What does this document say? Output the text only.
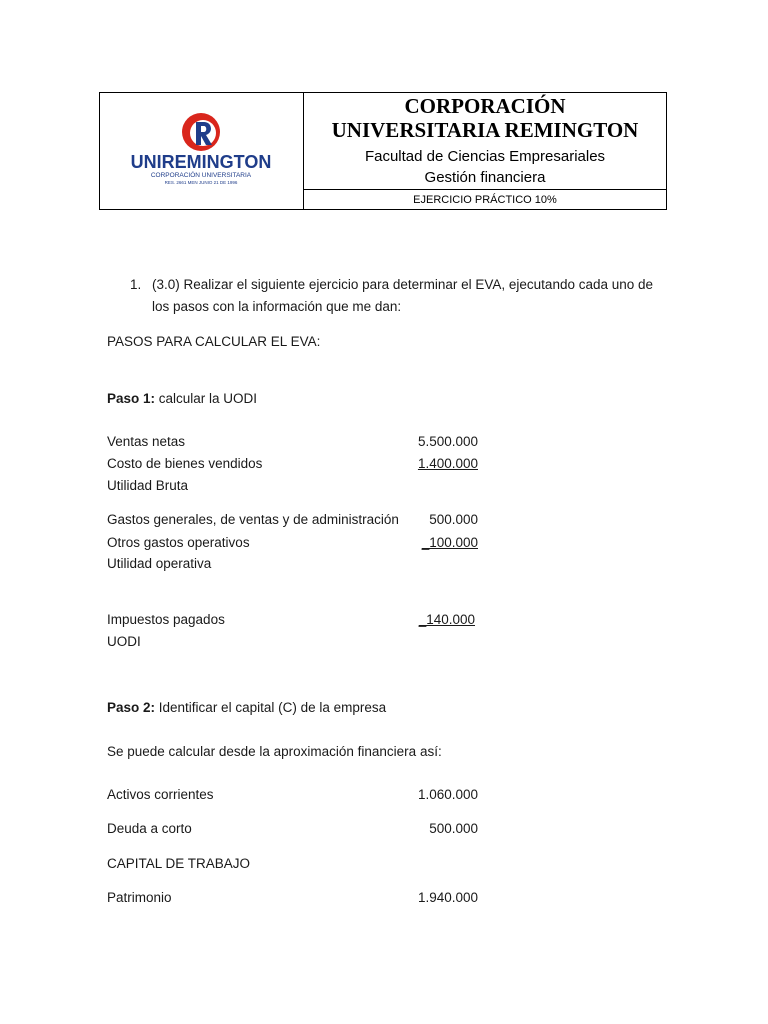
UNIREMINGTON
CORPORACIÓN UNIVERSITARIA
RES. 2661 MEN JUNIO 21 DE 1996
CORPORACIÓN
UNIVERSITARIA REMINGTON
Facultad de Ciencias Empresariales
Gestión financiera
EJERCICIO PRÁCTICO 10%
1. (3.0) Realizar el siguiente ejercicio para determinar el EVA, ejecutando cada uno de
los pasos con la información que me dan:
PASOS PARA CALCULAR EL EVA:
Paso 1: calcular la UODI
Ventas netas	5.500.000
Costo de bienes vendidos	1.400.000
Utilidad Bruta
Gastos generales, de ventas y de administración	500.000
Otros gastos operativos	_100.000
Utilidad operativa
Impuestos pagados	_140.000
UODI
Paso 2: Identificar el capital (C) de la empresa
Se puede calcular desde la aproximación financiera así:
Activos corrientes	1.060.000
Deuda a corto	500.000
CAPITAL DE TRABAJO
Patrimonio	1.940.000
